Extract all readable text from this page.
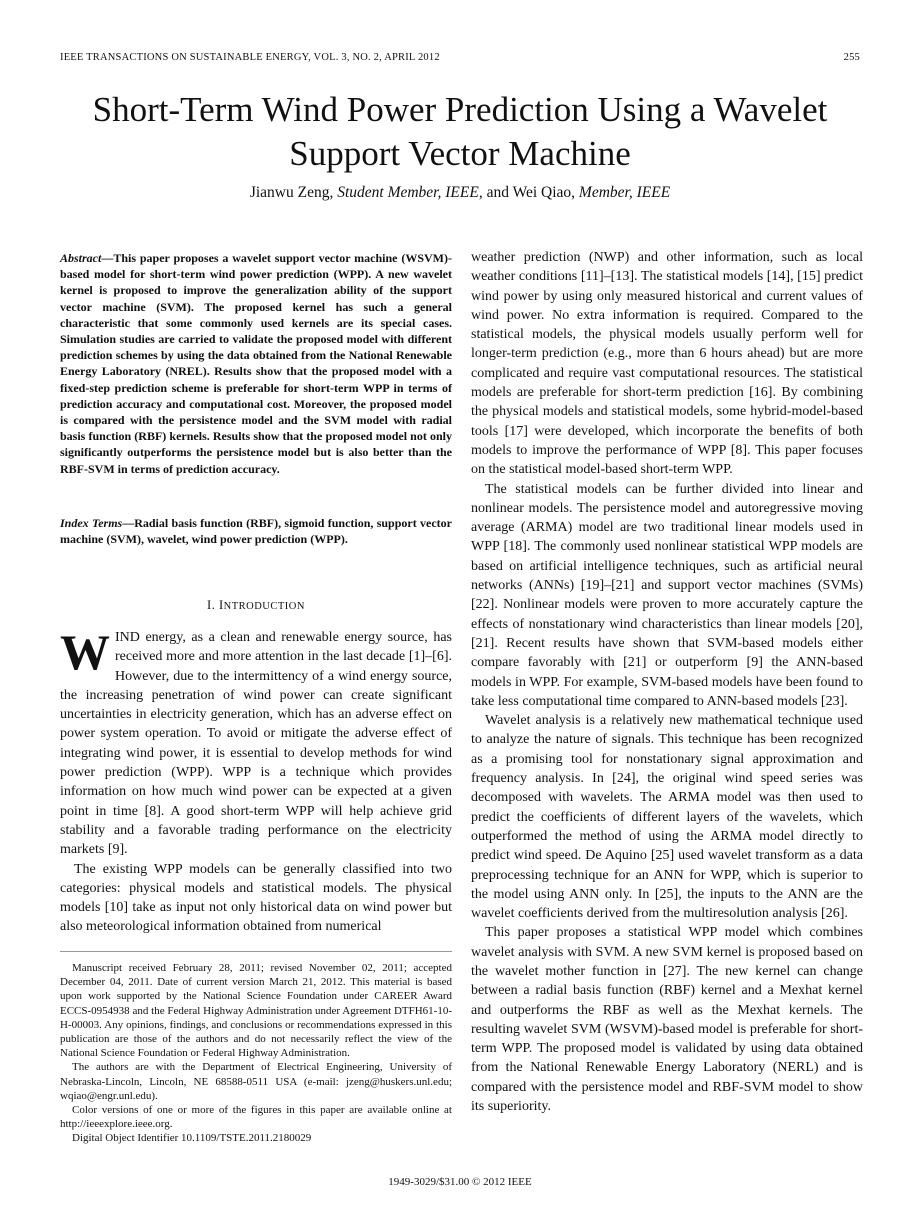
IEEE TRANSACTIONS ON SUSTAINABLE ENERGY, VOL. 3, NO. 2, APRIL 2012	255
Short-Term Wind Power Prediction Using a Wavelet Support Vector Machine
Jianwu Zeng, Student Member, IEEE, and Wei Qiao, Member, IEEE
Abstract—This paper proposes a wavelet support vector machine (WSVM)-based model for short-term wind power prediction (WPP). A new wavelet kernel is proposed to improve the generalization ability of the support vector machine (SVM). The proposed kernel has such a general characteristic that some commonly used kernels are its special cases. Simulation studies are carried to validate the proposed model with different prediction schemes by using the data obtained from the National Renewable Energy Laboratory (NREL). Results show that the proposed model with a fixed-step prediction scheme is preferable for short-term WPP in terms of prediction accuracy and computational cost. Moreover, the proposed model is compared with the persistence model and the SVM model with radial basis function (RBF) kernels. Results show that the proposed model not only significantly outperforms the persistence model but is also better than the RBF-SVM in terms of prediction accuracy.
Index Terms—Radial basis function (RBF), sigmoid function, support vector machine (SVM), wavelet, wind power prediction (WPP).
I. INTRODUCTION
W IND energy, as a clean and renewable energy source, has received more and more attention in the last decade [1]–[6]. However, due to the intermittency of a wind energy source, the increasing penetration of wind power can create significant uncertainties in electricity generation, which has an adverse effect on power system operation. To avoid or mitigate the adverse effect of integrating wind power, it is essential to develop methods for wind power prediction (WPP). WPP is a technique which provides information on how much wind power can be expected at a given point in time [8]. A good short-term WPP will help achieve grid stability and a favorable trading performance on the electricity markets [9].

The existing WPP models can be generally classified into two categories: physical models and statistical models. The physical models [10] take as input not only historical data on wind power but also meteorological information obtained from numerical

Manuscript received February 28, 2011; revised November 02, 2011; accepted December 04, 2011. Date of current version March 21, 2012. This material is based upon work supported by the National Science Foundation under CAREER Award ECCS-0954938 and the Federal Highway Administration under Agreement DTFH61-10-H-00003. Any opinions, findings, and conclusions or recommendations expressed in this publication are those of the authors and do not necessarily reflect the view of the National Science Foundation or Federal Highway Administration.

The authors are with the Department of Electrical Engineering, University of Nebraska-Lincoln, Lincoln, NE 68588-0511 USA (e-mail: jzeng@huskers.unl.edu; wqiao@engr.unl.edu).

Color versions of one or more of the figures in this paper are available online at http://ieeexplore.ieee.org.

Digital Object Identifier 10.1109/TSTE.2011.2180029

weather prediction (NWP) and other information, such as local weather conditions [11]–[13]. The statistical models [14], [15] predict wind power by using only measured historical and current values of wind power. No extra information is required. Compared to the statistical models, the physical models usually perform well for longer-term prediction (e.g., more than 6 hours ahead) but are more complicated and require vast computational resources. The statistical models are preferable for short-term prediction [16]. By combining the physical models and statistical models, some hybrid-model-based tools [17] were developed, which incorporate the benefits of both models to improve the performance of WPP [8]. This paper focuses on the statistical model-based short-term WPP.

The statistical models can be further divided into linear and nonlinear models. The persistence model and autoregressive moving average (ARMA) model are two traditional linear models used in WPP [18]. The commonly used nonlinear statistical WPP models are based on artificial intelligence techniques, such as artificial neural networks (ANNs) [19]–[21] and support vector machines (SVMs) [22]. Nonlinear models were proven to more accurately capture the effects of nonstationary wind characteristics than linear models [20], [21]. Recent results have shown that SVM-based models either compare favorably with [21] or outperform [9] the ANN-based models in WPP. For example, SVM-based models have been found to take less computational time compared to ANN-based models [23].

Wavelet analysis is a relatively new mathematical technique used to analyze the nature of signals. This technique has been recognized as a promising tool for nonstationary signal approximation and frequency analysis. In [24], the original wind speed series was decomposed with wavelets. The ARMA model was then used to predict the coefficients of different layers of the wavelets, which outperformed the method of using the ARMA model directly to predict wind speed. De Aquino [25] used wavelet transform as a data preprocessing technique for an ANN for WPP, which is superior to the model using ANN only. In [25], the inputs to the ANN are the wavelet coefficients derived from the multiresolution analysis [26].

This paper proposes a statistical WPP model which combines wavelet analysis with SVM. A new SVM kernel is proposed based on the wavelet mother function in [27]. The new kernel can change between a radial basis function (RBF) kernel and a Mexhat kernel and outperforms the RBF as well as the Mexhat kernels. The resulting wavelet SVM (WSVM)-based model is preferable for short-term WPP. The proposed model is validated by using data obtained from the National Renewable Energy Laboratory (NERL) and is compared with the persistence model and RBF-SVM model to show its superiority.

1949-3029/$31.00 © 2012 IEEE
